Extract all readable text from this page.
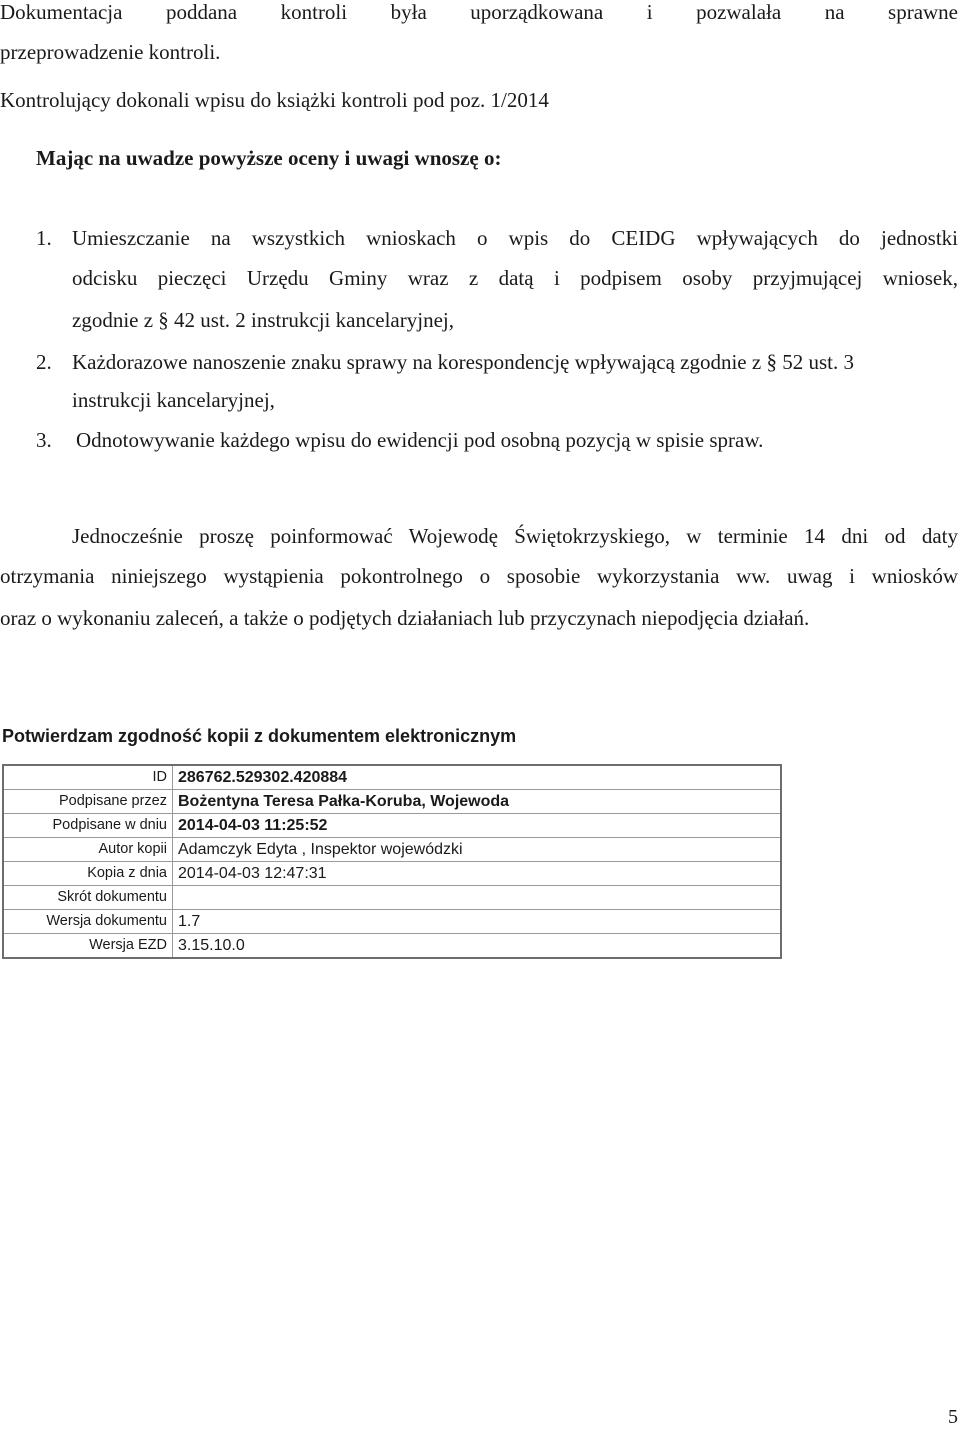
Dokumentacja poddana kontroli była uporządkowana i pozwalała na sprawne
przeprowadzenie kontroli.
Kontrolujący dokonali wpisu do książki kontroli pod poz. 1/2014
Mając na uwadze powyższe oceny i uwagi wnoszę o:
1. Umieszczanie na wszystkich wnioskach o wpis do CEIDG wpływających do jednostki
odcisku pieczęci Urzędu Gminy wraz z datą i podpisem osoby przyjmującej wniosek,
zgodnie z § 42 ust. 2 instrukcji kancelaryjnej,
2. Każdorazowe nanoszenie znaku sprawy na korespondencję wpływającą zgodnie z § 52 ust. 3
instrukcji kancelaryjnej,
3. Odnotowywanie każdego wpisu do ewidencji pod osobną pozycją w spisie spraw.
Jednocześnie proszę poinformować Wojewodę Świętokrzyskiego, w terminie 14 dni od daty
otrzymania niniejszego wystąpienia pokontrolnego o sposobie wykorzystania ww. uwag i wniosków
oraz o wykonaniu zaleceń, a także o podjętych działaniach lub przyczynach niepodjęcia działań.
Potwierdzam zgodność kopii z dokumentem elektronicznym
ID	286762.529302.420884
Podpisane przez	Bożentyna Teresa Pałka-Koruba, Wojewoda
Podpisane w dniu	2014-04-03 11:25:52
Autor kopii	Adamczyk Edyta , Inspektor wojewódzki
Kopia z dnia	2014-04-03 12:47:31
Skrót dokumentu	
Wersja dokumentu	1.7
Wersja EZD	3.15.10.0
5
